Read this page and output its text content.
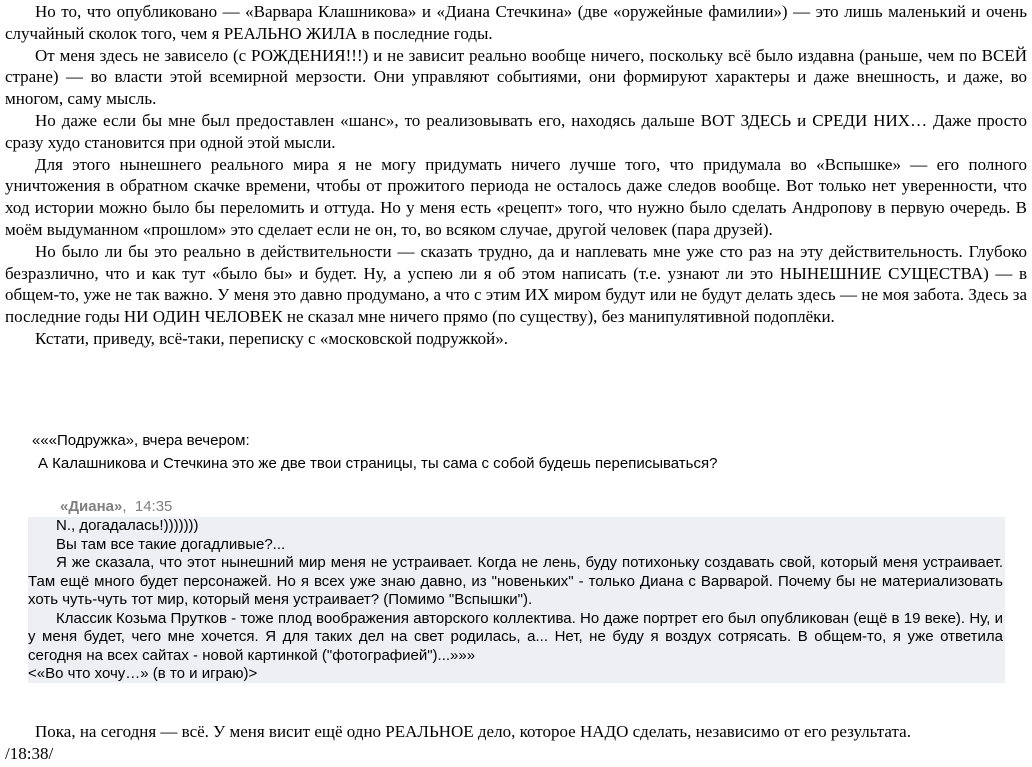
Но то, что опубликовано — «Варвара Клашникова» и «Диана Стечкина» (две «оружейные фамилии») — это лишь маленький и очень случайный сколок того, чем я РЕАЛЬНО ЖИЛА в последние годы.

От меня здесь не зависело (с РОЖДЕНИЯ!!!) и не зависит реально вообще ничего, поскольку всё было издавна (раньше, чем по ВСЕЙ стране) — во власти этой всемирной мерзости. Они управляют событиями, они формируют характеры и даже внешность, и даже, во многом, саму мысль.

Но даже если бы мне был предоставлен «шанс», то реализовывать его, находясь дальше ВОТ ЗДЕСЬ и СРЕДИ НИХ… Даже просто сразу худо становится при одной этой мысли.

Для этого нынешнего реального мира я не могу придумать ничего лучше того, что придумала во «Вспышке» — его полного уничтожения в обратном скачке времени, чтобы от прожитого периода не осталось даже следов вообще. Вот только нет уверенности, что ход истории можно было бы переломить и оттуда. Но у меня есть «рецепт» того, что нужно было сделать Андропову в первую очередь. В моём выдуманном «прошлом» это сделает если не он, то, во всяком случае, другой человек (пара друзей).

Но было ли бы это реально в действительности — сказать трудно, да и наплевать мне уже сто раз на эту действительность. Глубоко безразлично, что и как тут «было бы» и будет. Ну, а успею ли я об этом написать (т.е. узнают ли это НЫНЕШНИЕ СУЩЕСТВА) — в общем-то, уже не так важно. У меня это давно продумано, а что с этим ИХ миром будут или не будут делать здесь — не моя забота. Здесь за последние годы НИ ОДИН ЧЕЛОВЕК не сказал мне ничего прямо (по существу), без манипулятивной подоплёки.

Кстати, приведу, всё-таки, переписку с «московской подружкой».

«««Подружка», вчера вечером:
А Калашникова и Стечкина это же две твои страницы, ты сама с собой будешь переписываться?
«Диана», 14:35
N., догадалась!)))))))
Вы там все такие догадливые?...
Я же сказала, что этот нынешний мир меня не устраивает. Когда не лень, буду потихоньку создавать свой, который меня устраивает. Там ещё много будет персонажей. Но я всех уже знаю давно, из "новеньких" - только Диана с Варварой. Почему бы не материализовать хоть чуть-чуть тот мир, который меня устраивает? (Помимо "Вспышки").
Классик Козьма Прутков - тоже плод воображения авторского коллектива. Но даже портрет его был опубликован (ещё в 19 веке). Ну, и у меня будет, чего мне хочется. Я для таких дел на свет родилась, а... Нет, не буду я воздух сотрясать. В общем-то, я уже ответила сегодня на всех сайтах - новой картинкой ("фотографией")...»»»
<«Во что хочу…» (в то и играю)>

Пока, на сегодня — всё. У меня висит ещё одно РЕАЛЬНОЕ дело, которое НАДО сделать, независимо от его результата.

/18:38/
